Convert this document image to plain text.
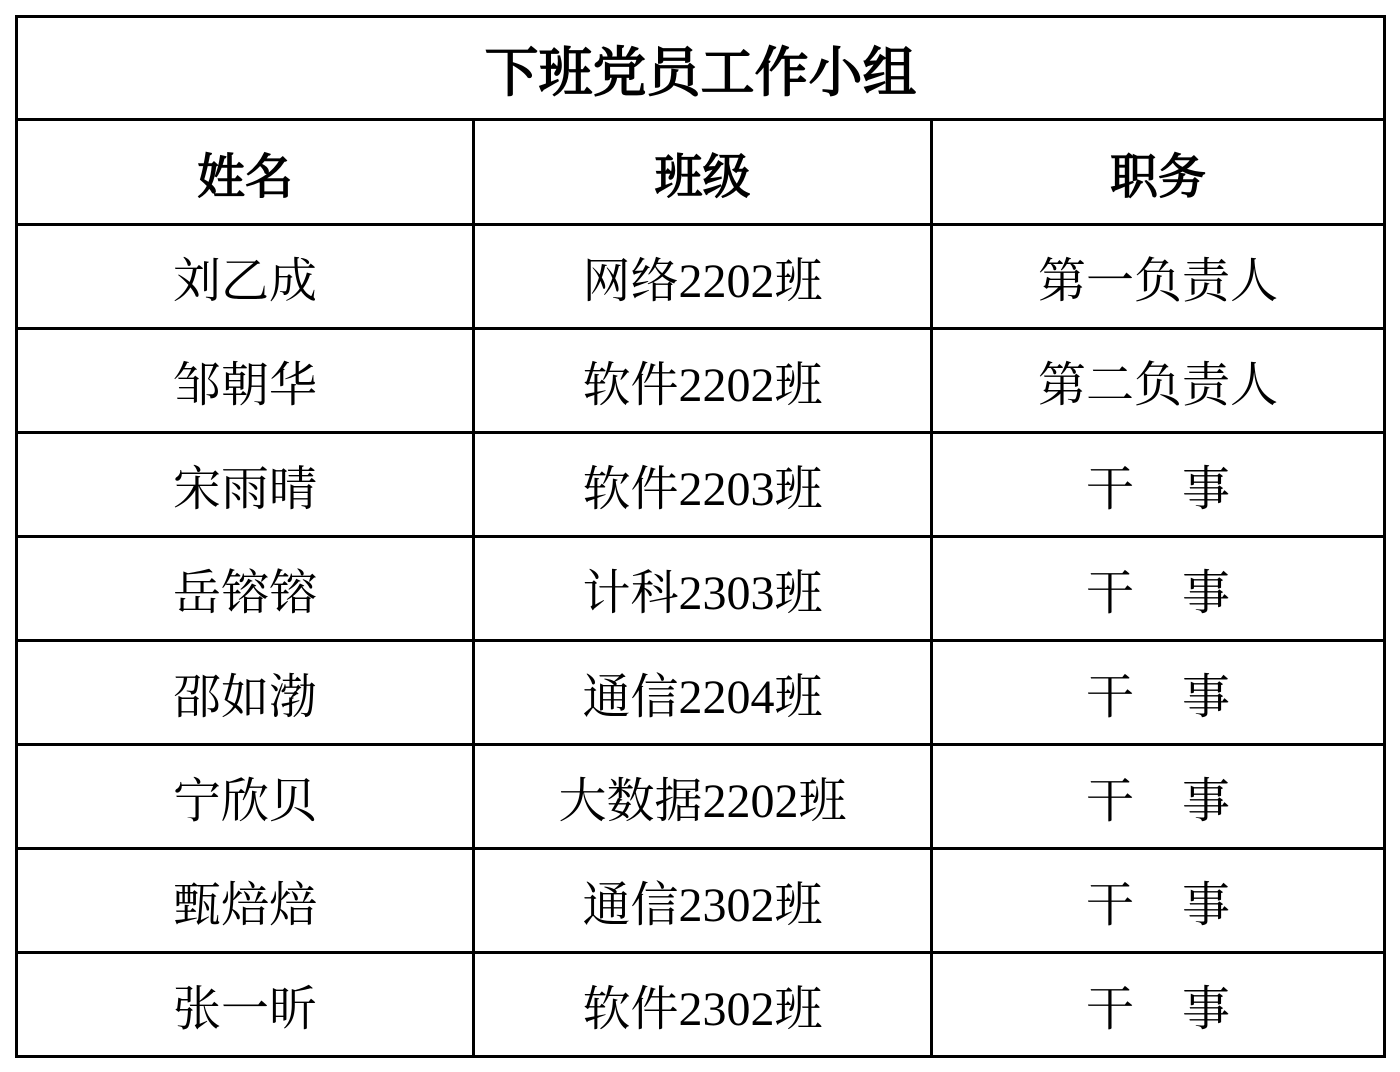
下班党员工作小组		
姓名	班级	职务
刘乙成	网络2202班	第一负责人
邹朝华	软件2202班	第二负责人
宋雨晴	软件2203班	干　事
岳镕镕	计科2303班	干　事
邵如渤	通信2204班	干　事
宁欣贝	大数据2202班	干　事
甄焙焙	通信2302班	干　事
张一昕	软件2302班	干　事
